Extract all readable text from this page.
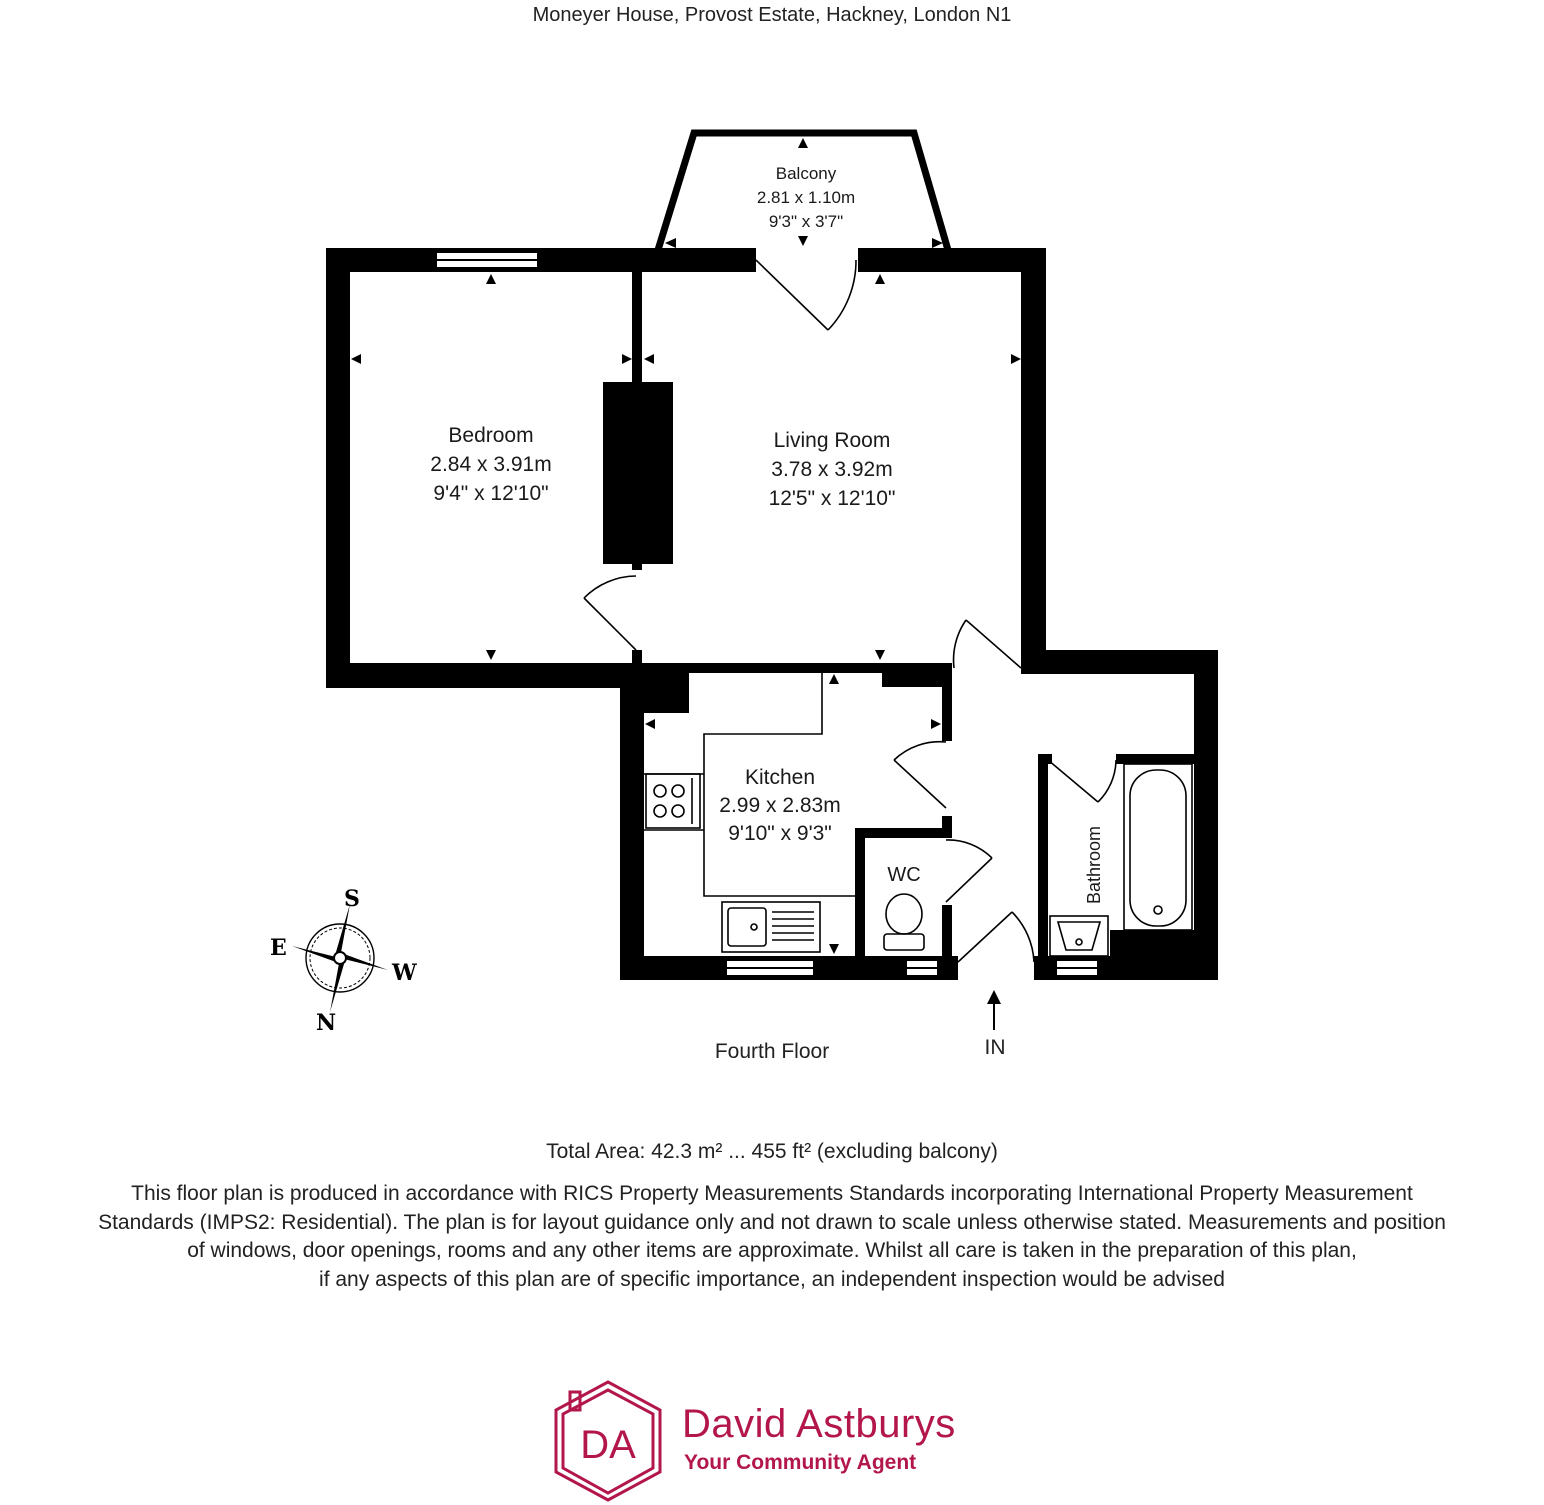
Moneyer House, Provost Estate, Hackney, London N1
Balcony
2.81 x 1.10m
9'3" x 3'7"
Bedroom
2.84 x 3.91m
9'4" x 12'10"
Living Room
3.78 x 3.92m
12'5" x 12'10"
Kitchen
2.99 x 2.83m
9'10" x 9'3"
WC	Bathroom
S
E
W
N
Fourth Floor	IN
Total Area: 42.3 m² ... 455 ft² (excluding balcony)
This floor plan is produced in accordance with RICS Property Measurements Standards incorporating International Property Measurement
Standards (IMPS2: Residential). The plan is for layout guidance only and not drawn to scale unless otherwise stated. Measurements and position
of windows, door openings, rooms and any other items are approximate. Whilst all care is taken in the preparation of this plan,
if any aspects of this plan are of specific importance, an independent inspection would be advised
DA David Astburys
Your Community Agent
